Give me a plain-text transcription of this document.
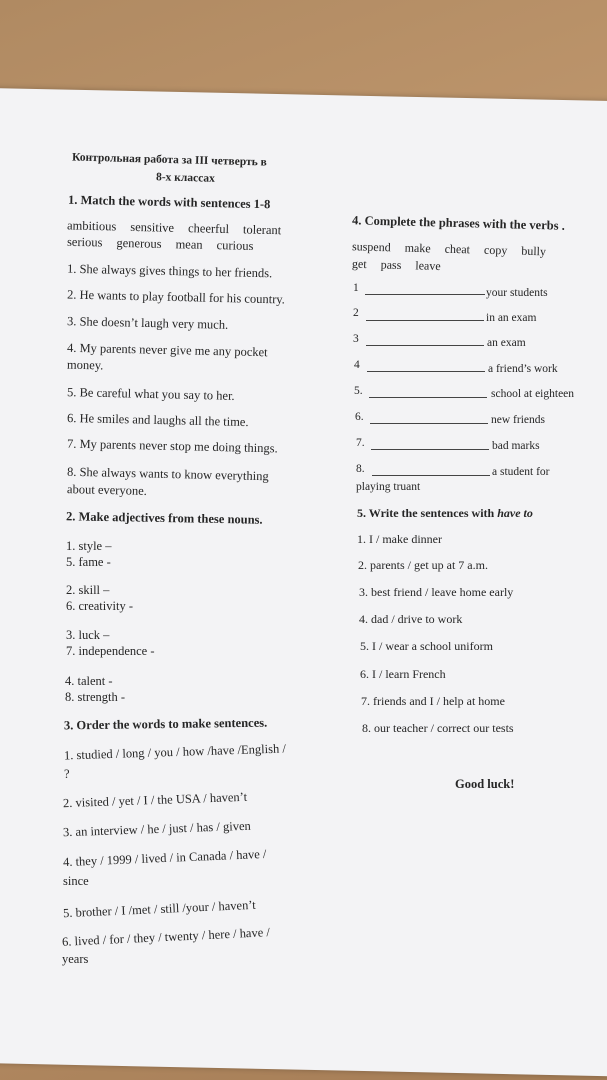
Контрольная работа за III четверть в
8-х классах
1. Match the words with sentences 1-8
ambitious sensitive cheerful tolerant
serious generous mean curious
1. She always gives things to her friends.
2. He wants to play football for his country.
3. She doesn’t laugh very much.
4. My parents never give me any pocket
money.
5. Be careful what you say to her.
6. He smiles and laughs all the time.
7. My parents never stop me doing things.
8. She always wants to know everything
about everyone.
2. Make adjectives from these nouns.
1. style –
5. fame -
2. skill –
6. creativity -
3. luck –
7. independence -
4. talent -
8. strength -
3. Order the words to make sentences.
1. studied / long / you / how /have /English /
?
2. visited / yet / I / the USA / haven’t
3. an interview / he / just / has / given
4. they / 1999 / lived / in Canada / have /
since
5. brother / I /met / still /your / haven’t
6. lived / for / they / twenty / here / have /
years
4. Complete the phrases with the verbs .
suspend make cheat copy bully
get pass leave
1	your students
2	in an exam
3	an exam
4	a friend’s work
5.	school at eighteen
6.	new friends
7.	bad marks
8.	a student for
playing truant
5. Write the sentences with have to
1. I / make dinner
2. parents / get up at 7 a.m.
3. best friend / leave home early
4. dad / drive to work
5. I / wear a school uniform
6. I / learn French
7. friends and I / help at home
8. our teacher / correct our tests
Good luck!
